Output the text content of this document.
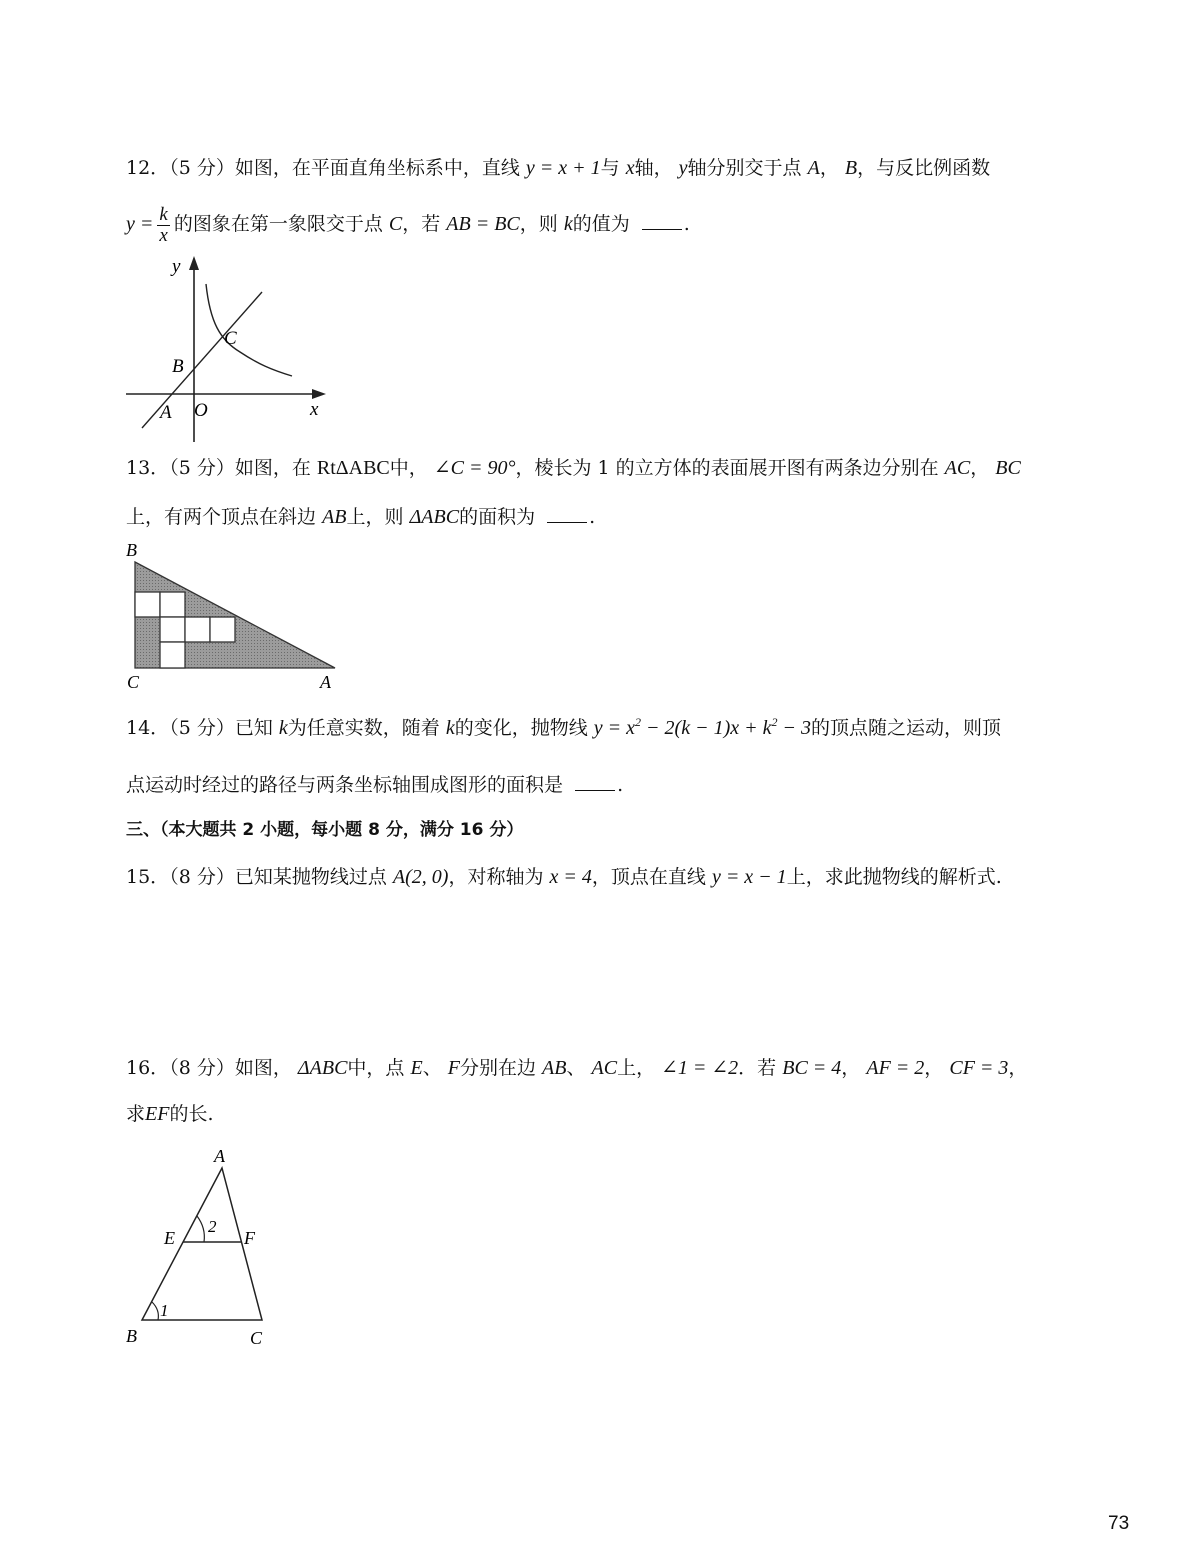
12．（5 分）如图，在平面直角坐标系中，直线 y = x + 1与 x轴， y轴分别交于点 A， B，与反比例函数
$y = \frac{k}{x}$ 的图象在第一象限交于点 C，若 AB = BC，则 k的值为	.
y
x
C
B
A O
13．（5 分）如图，在 RtΔABC中， ∠C = 90°，棱长为 1 的立方体的表面展开图有两条边分别在 AC， BC
上，有两个顶点在斜边 AB上，则 ΔABC的面积为	.
B
C	A
14．（5 分）已知 k为任意实数，随着 k的变化，抛物线 $y = x^2 - 2(k - 1)x + k^2 - 3$的顶点随之运动，则顶
点运动时经过的路径与两条坐标轴围成图形的面积是	.
三、（本大题共 2 小题，每小题 8 分，满分 16 分）
15．（8 分）已知某抛物线过点 A(2, 0)，对称轴为 x = 4，顶点在直线 y = x − 1上，求此抛物线的解析式.
16．（8 分）如图， ΔABC中，点 E、 F分别在边 AB、 AC上， ∠1 = ∠2．若 BC = 4， AF = 2， CF = 3，
求EF的长.
A
E	F
B	C
1
2
73
